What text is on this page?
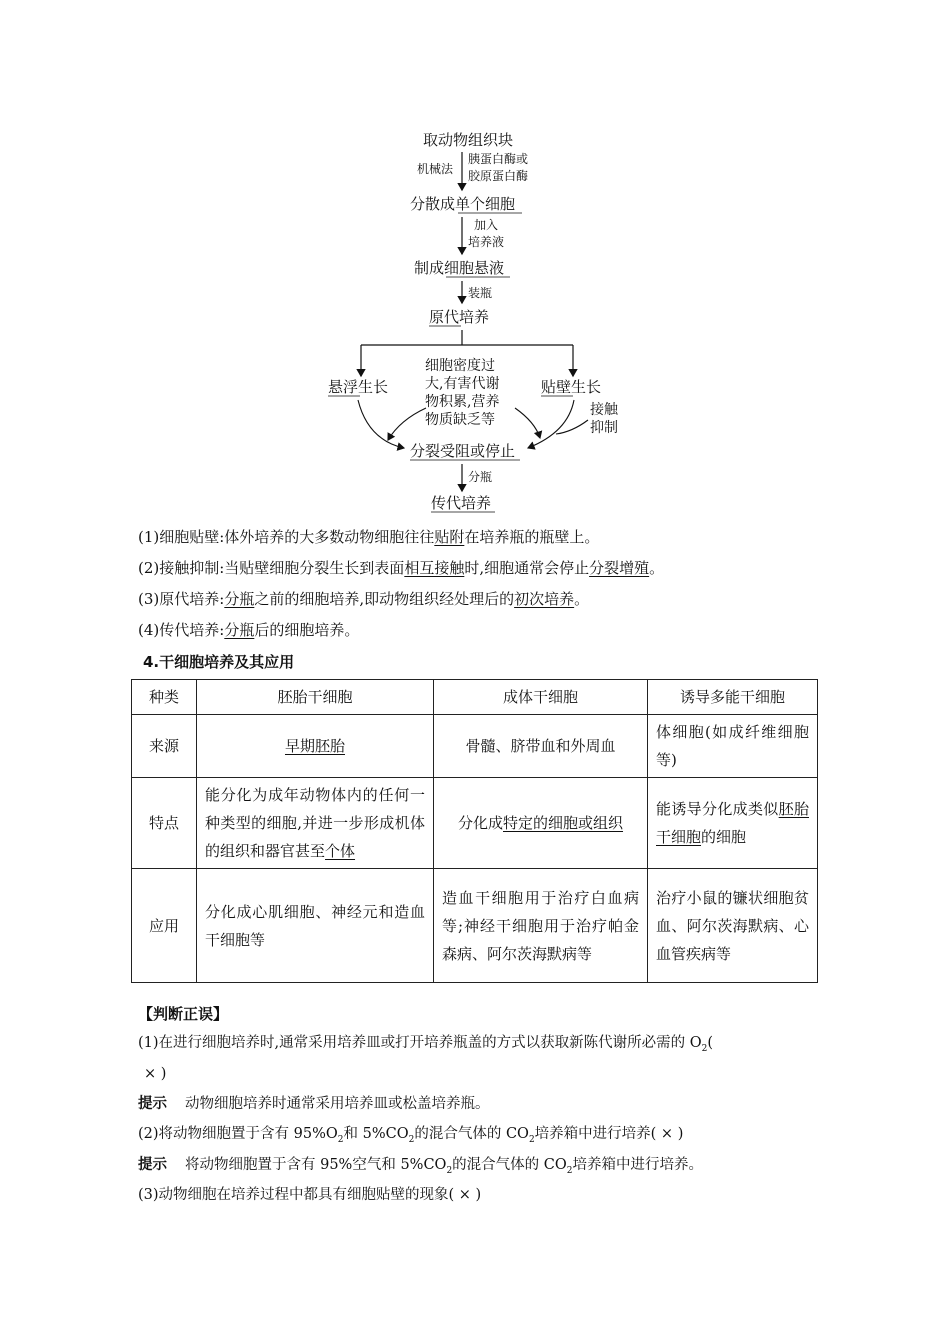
取动物组织块
机械法
胰蛋白酶或
胶原蛋白酶
分散成单个细胞
加入
培养液
制成细胞悬液
装瓶
原代培养
悬浮生长	贴壁生长
细胞密度过
大,有害代谢
物积累,营养
物质缺乏等
接触
抑制
分裂受阻或停止
分瓶
传代培养
(1)细胞贴壁:体外培养的大多数动物细胞往往贴附在培养瓶的瓶壁上。
(2)接触抑制:当贴壁细胞分裂生长到表面相互接触时,细胞通常会停止分裂增殖。
(3)原代培养:分瓶之前的细胞培养,即动物组织经处理后的初次培养。
(4)传代培养:分瓶后的细胞培养。
4.干细胞培养及其应用
种类	胚胎干细胞	成体干细胞	诱导多能干细胞
来源	早期胚胎	骨髓、脐带血和外周血	体细胞(如成纤维细胞等)
特点	能分化为成年动物体内的任何一种类型的细胞,并进一步形成机体的组织和器官甚至个体	分化成特定的细胞或组织	能诱导分化成类似胚胎干细胞的细胞
应用	分化成心肌细胞、神经元和造血干细胞等	造血干细胞用于治疗白血病等;神经干细胞用于治疗帕金森病、阿尔茨海默病等	治疗小鼠的镰状细胞贫血、阿尔茨海默病、心血管疾病等
【判断正误】
(1)在进行细胞培养时,通常采用培养皿或打开培养瓶盖的方式以获取新陈代谢所必需的 $O_2$(
× )
提示 动物细胞培养时通常采用培养皿或松盖培养瓶。
(2)将动物细胞置于含有 $95\%O_2$和 $5\%CO_2$的混合气体的 $CO_2$培养箱中进行培养( × )
提示 将动物细胞置于含有 95%空气和 $5\%CO_2$的混合气体的 $CO_2$培养箱中进行培养。
(3)动物细胞在培养过程中都具有细胞贴壁的现象( × )
